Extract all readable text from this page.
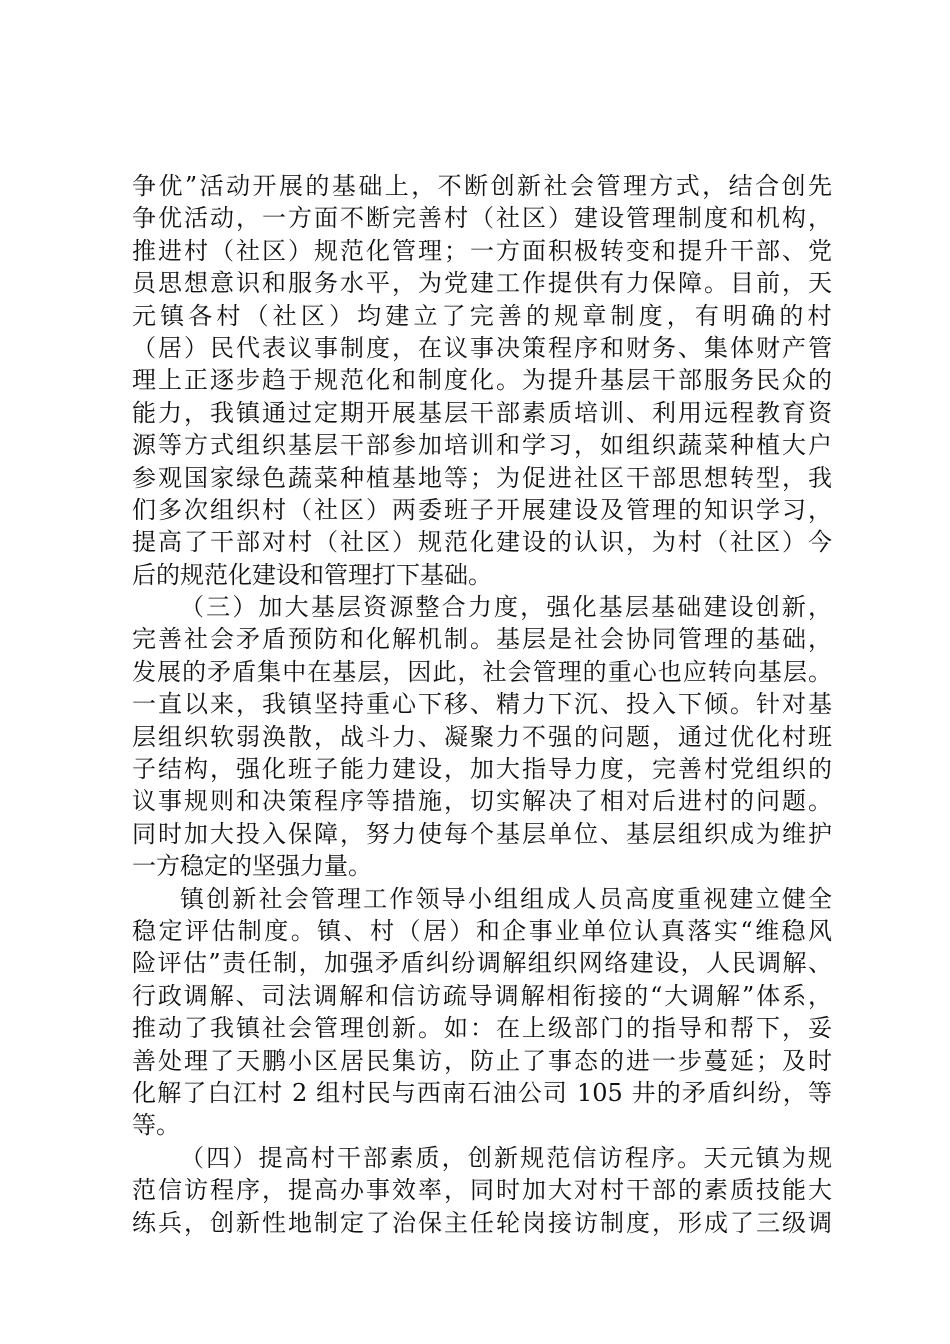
争优”活动开展的基础上，不断创新社会管理方式，结合创先
争优活动，一方面不断完善村（社区）建设管理制度和机构，
推进村（社区）规范化管理；一方面积极转变和提升干部、党
员思想意识和服务水平，为党建工作提供有力保障。目前，天
元镇各村（社区）均建立了完善的规章制度，有明确的村
（居）民代表议事制度，在议事决策程序和财务、集体财产管
理上正逐步趋于规范化和制度化。为提升基层干部服务民众的
能力，我镇通过定期开展基层干部素质培训、利用远程教育资
源等方式组织基层干部参加培训和学习，如组织蔬菜种植大户
参观国家绿色蔬菜种植基地等；为促进社区干部思想转型，我
们多次组织村（社区）两委班子开展建设及管理的知识学习，
提高了干部对村（社区）规范化建设的认识，为村（社区）今
后的规范化建设和管理打下基础。
（三）加大基层资源整合力度，强化基层基础建设创新，
完善社会矛盾预防和化解机制。基层是社会协同管理的基础，
发展的矛盾集中在基层，因此，社会管理的重心也应转向基层。
一直以来，我镇坚持重心下移、精力下沉、投入下倾。针对基
层组织软弱涣散，战斗力、凝聚力不强的问题，通过优化村班
子结构，强化班子能力建设，加大指导力度，完善村党组织的
议事规则和决策程序等措施，切实解决了相对后进村的问题。
同时加大投入保障，努力使每个基层单位、基层组织成为维护
一方稳定的坚强力量。
镇创新社会管理工作领导小组组成人员高度重视建立健全
稳定评估制度。镇、村（居）和企事业单位认真落实“维稳风
险评估”责任制，加强矛盾纠纷调解组织网络建设，人民调解、
行政调解、司法调解和信访疏导调解相衔接的“大调解”体系，
推动了我镇社会管理创新。如：在上级部门的指导和帮下，妥
善处理了天鹏小区居民集访，防止了事态的进一步蔓延；及时
化解了白江村 2 组村民与西南石油公司 105 井的矛盾纠纷，等
等。
（四）提高村干部素质，创新规范信访程序。天元镇为规
范信访程序，提高办事效率，同时加大对村干部的素质技能大
练兵，创新性地制定了治保主任轮岗接访制度，形成了三级调
